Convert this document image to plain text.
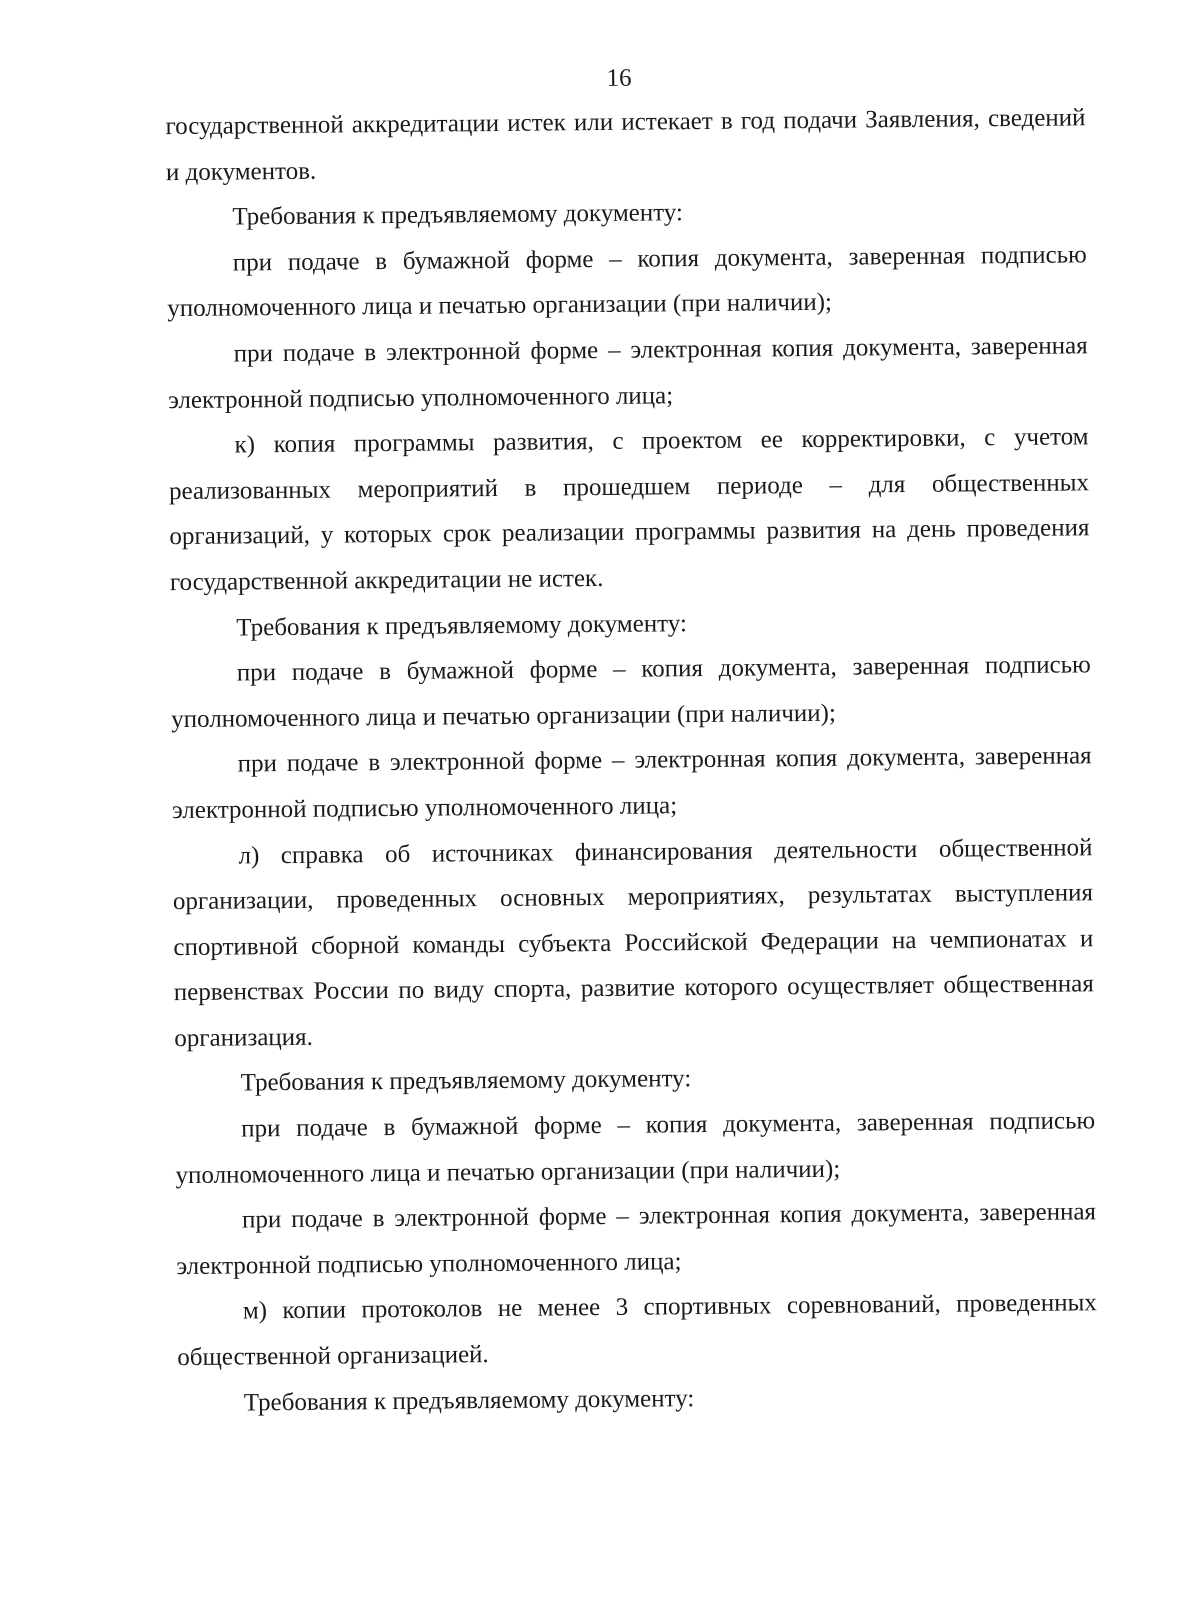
16

государственной аккредитации истек или истекает в год подачи Заявления, сведений и документов.

Требования к предъявляемому документу:

при подаче в бумажной форме – копия документа, заверенная подписью уполномоченного лица и печатью организации (при наличии);

при подаче в электронной форме – электронная копия документа, заверенная электронной подписью уполномоченного лица;

к) копия программы развития, с проектом ее корректировки, с учетом реализованных мероприятий в прошедшем периоде – для общественных организаций, у которых срок реализации программы развития на день проведения государственной аккредитации не истек.

Требования к предъявляемому документу:

при подаче в бумажной форме – копия документа, заверенная подписью уполномоченного лица и печатью организации (при наличии);

при подаче в электронной форме – электронная копия документа, заверенная электронной подписью уполномоченного лица;

л) справка об источниках финансирования деятельности общественной организации, проведенных основных мероприятиях, результатах выступления спортивной сборной команды субъекта Российской Федерации на чемпионатах и первенствах России по виду спорта, развитие которого осуществляет общественная организация.

Требования к предъявляемому документу:

при подаче в бумажной форме – копия документа, заверенная подписью уполномоченного лица и печатью организации (при наличии);

при подаче в электронной форме – электронная копия документа, заверенная электронной подписью уполномоченного лица;

м) копии протоколов не менее 3 спортивных соревнований, проведенных общественной организацией.

Требования к предъявляемому документу:
